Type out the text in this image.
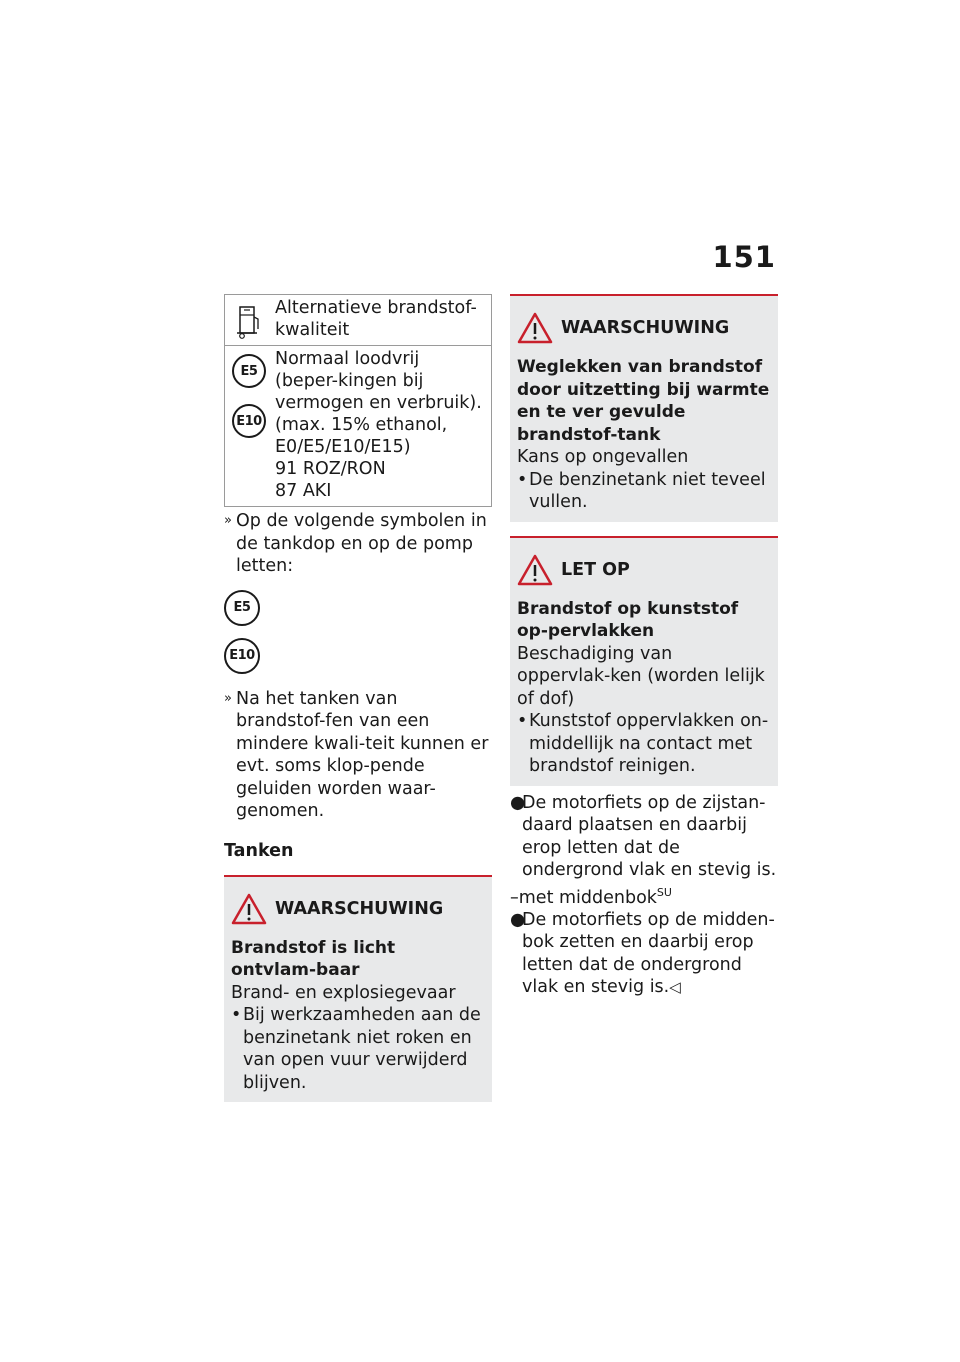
151
Alternatieve brandstof-kwaliteit
E5
E10
Normaal loodvrij (beper-kingen bij vermogen en verbruik). (max. 15% ethanol, E0/E5/E10/E15)
91 ROZ/RON
87 AKI
» Op de volgende symbolen in de tankdop en op de pomp letten:
E5
E10
» Na het tanken van brandstof-fen van een mindere kwali-teit kunnen er evt. soms klop-pende geluiden worden waar-genomen.
Tanken
WAARSCHUWING
Brandstof is licht ontvlam-baar
Brand- en explosiegevaar
• Bij werkzaamheden aan de benzinetank niet roken en van open vuur verwijderd blijven.
WAARSCHUWING
Weglekken van brandstof door uitzetting bij warmte en te ver gevulde brandstof-tank
Kans op ongevallen
• De benzinetank niet teveel vullen.
LET OP
Brandstof op kunststof op-pervlakken
Beschadiging van oppervlak-ken (worden lelijk of dof)
• Kunststof oppervlakken on-middellijk na contact met brandstof reinigen.
●
De motorfiets op de zijstan-daard plaatsen en daarbij erop letten dat de ondergrond vlak en stevig is.
–met middenbok$^{SU}$
●
De motorfiets op de midden-bok zetten en daarbij erop letten dat de ondergrond vlak en stevig is.◁
